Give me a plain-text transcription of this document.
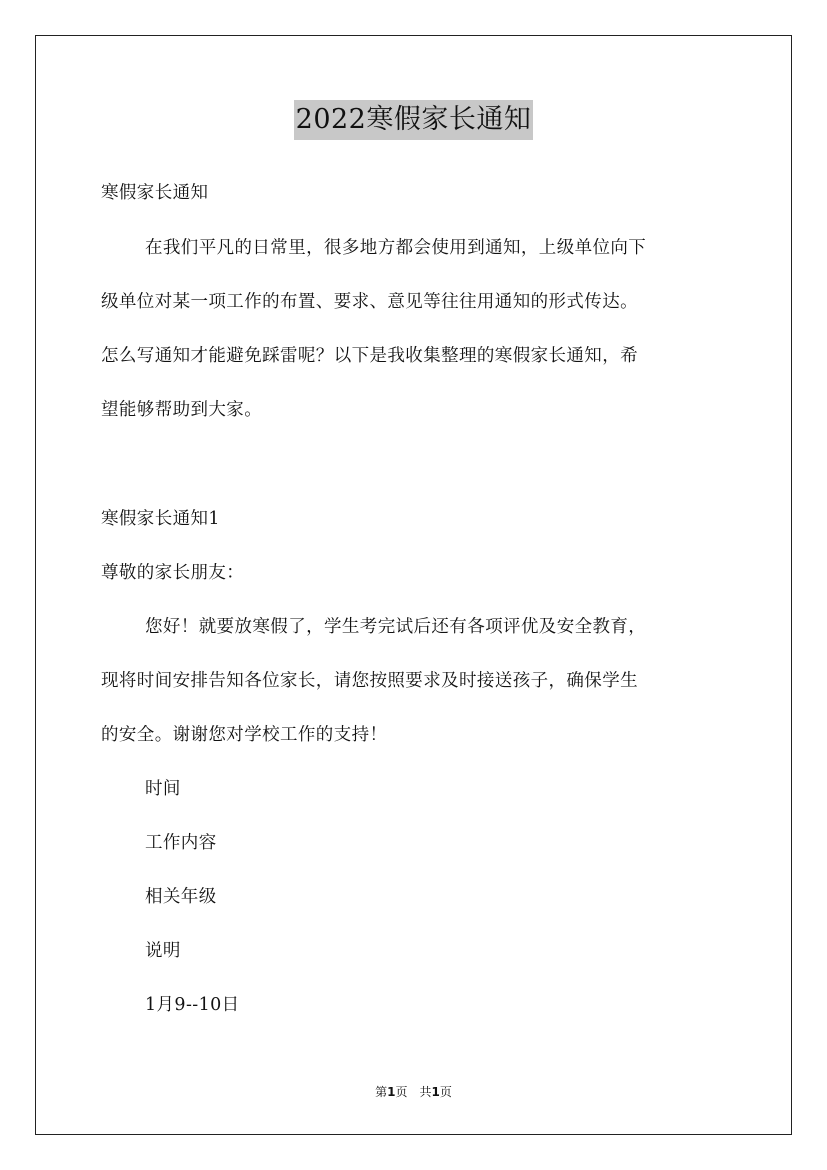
2022寒假家长通知
寒假家长通知
在我们平凡的日常里，很多地方都会使用到通知，上级单位向下
级单位对某一项工作的布置、要求、意见等往往用通知的形式传达。
怎么写通知才能避免踩雷呢？以下是我收集整理的寒假家长通知，希
望能够帮助到大家。
寒假家长通知1
尊敬的家长朋友：
您好！就要放寒假了，学生考完试后还有各项评优及安全教育，
现将时间安排告知各位家长，请您按照要求及时接送孩子，确保学生
的安全。谢谢您对学校工作的支持！
时间
工作内容
相关年级
说明
1月9--10日
第1页 共1页
